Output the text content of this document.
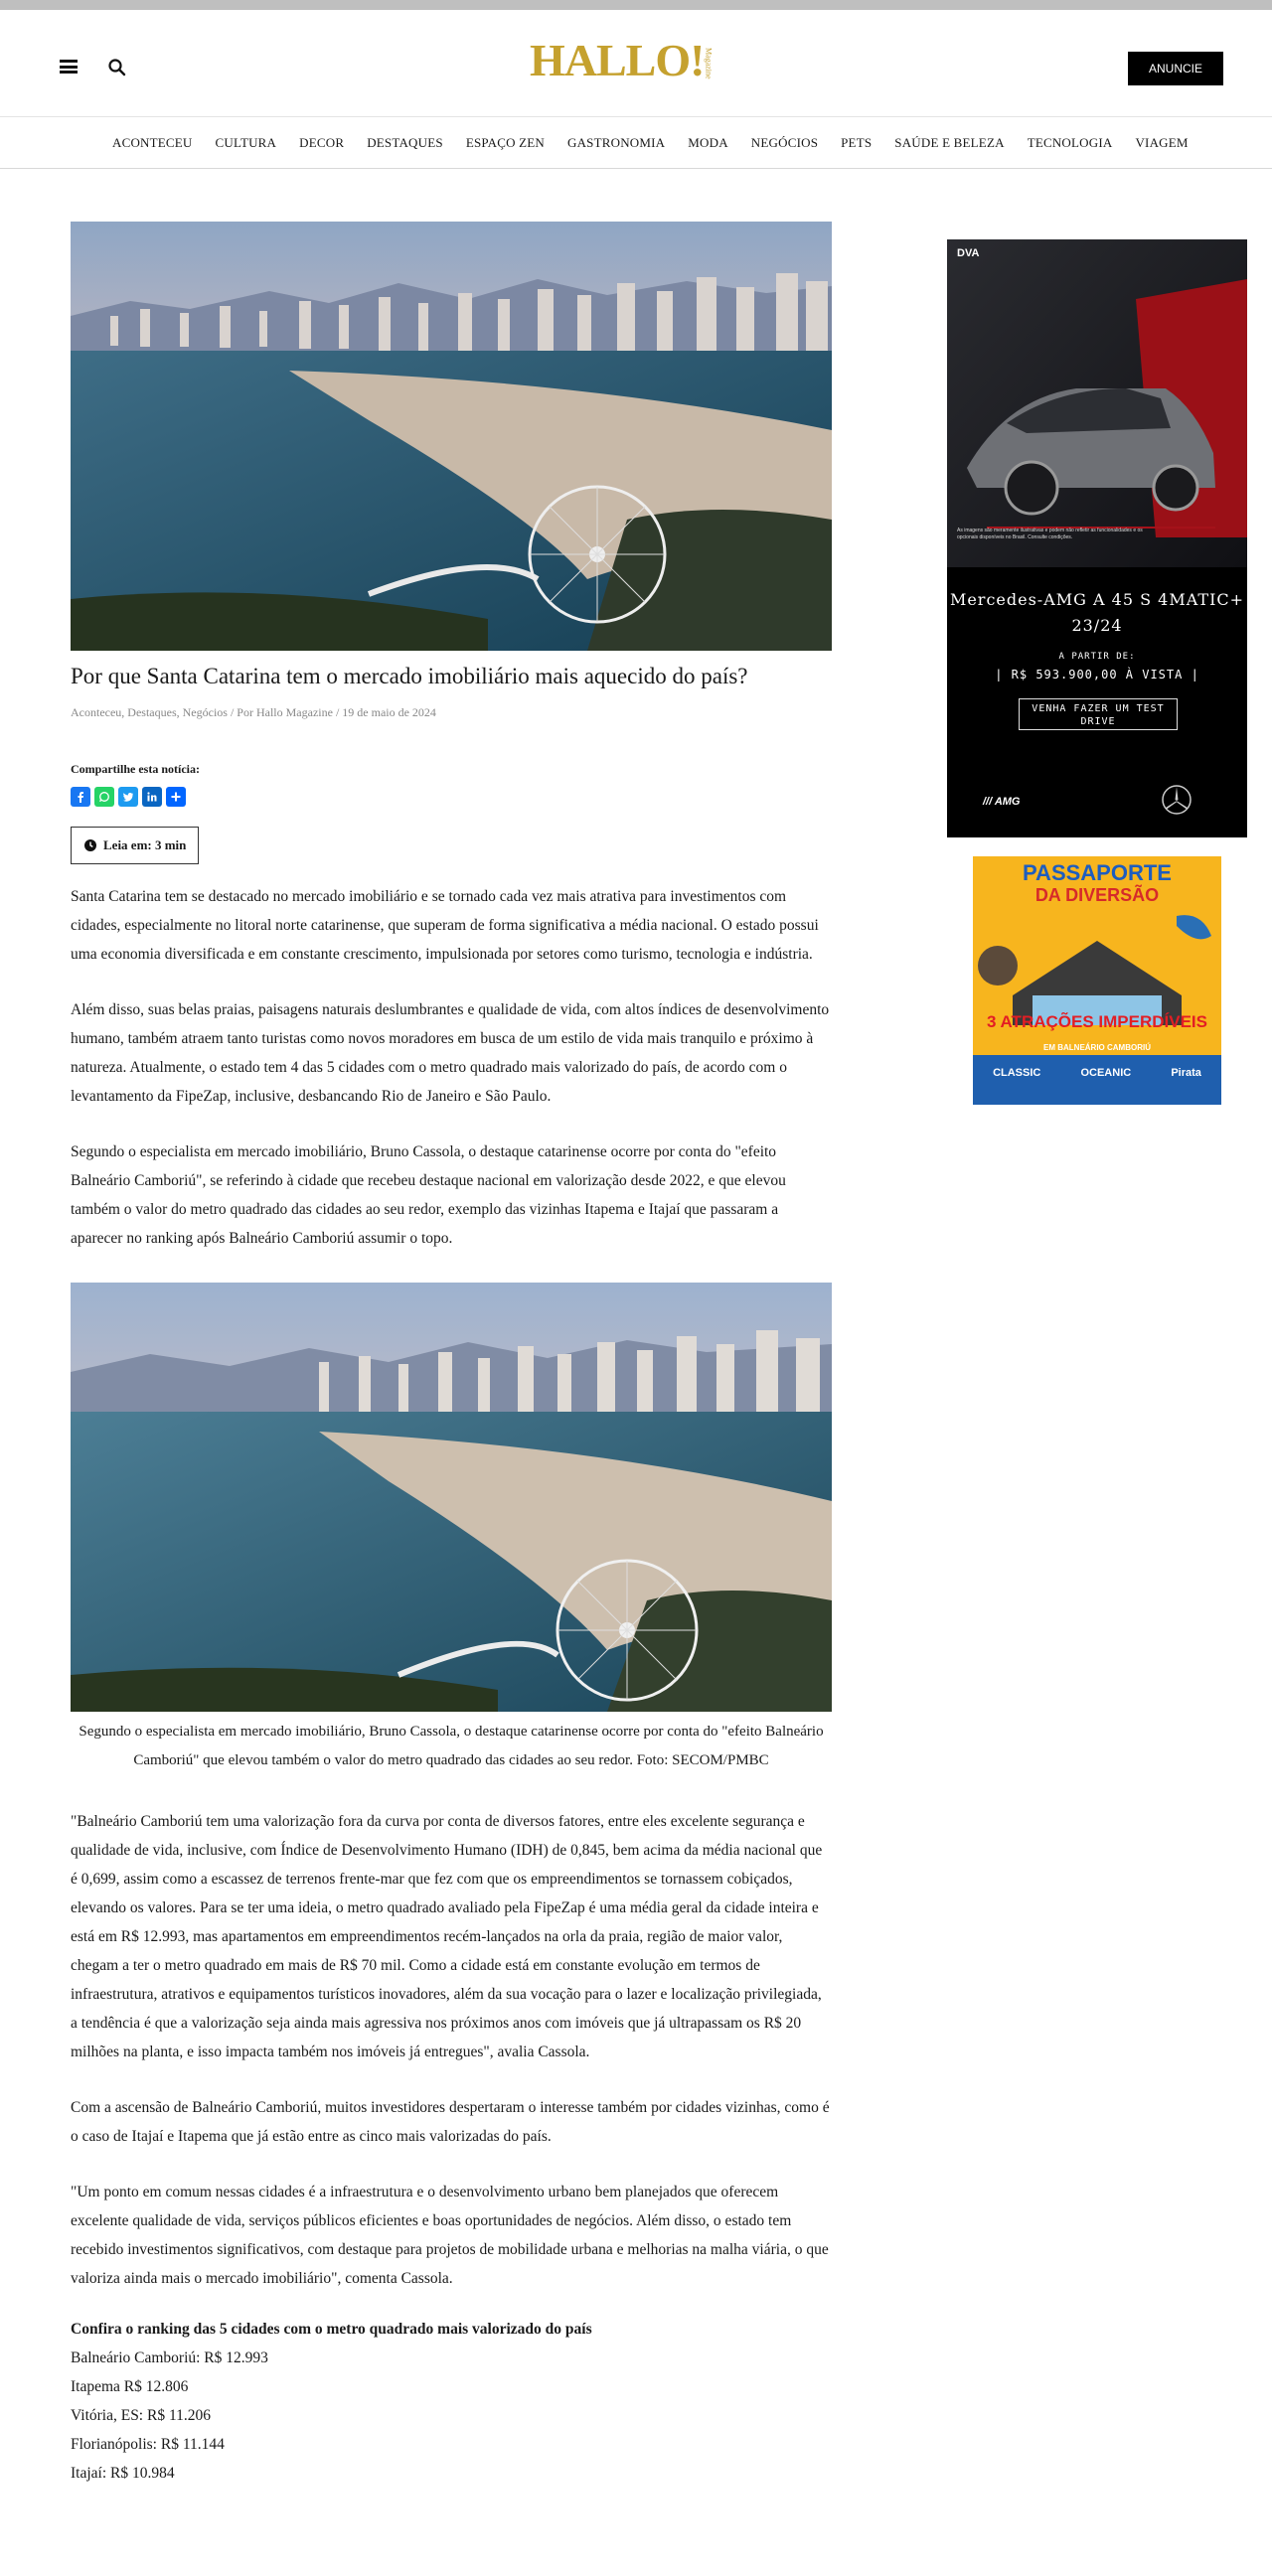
HALLO!Magazine	ANUNCIE
ACONTECEU CULTURA DECOR DESTAQUES ESPAÇO ZEN GASTRONOMIA MODA NEGÓCIOS PETS SAÚDE E BELEZA TECNOLOGIA VIAGEM
Por que Santa Catarina tem o mercado imobiliário mais aquecido do país?
Aconteceu, Destaques, Negócios / Por Hallo Magazine / 19 de maio de 2024
Compartilhe esta notícia:
Leia em: 3 min

Santa Catarina tem se destacado no mercado imobiliário e se tornado cada vez mais atrativa para investimentos com cidades, especialmente no litoral norte catarinense, que superam de forma significativa a média nacional. O estado possui uma economia diversificada e em constante crescimento, impulsionada por setores como turismo, tecnologia e indústria.

Além disso, suas belas praias, paisagens naturais deslumbrantes e qualidade de vida, com altos índices de desenvolvimento humano, também atraem tanto turistas como novos moradores em busca de um estilo de vida mais tranquilo e próximo à natureza. Atualmente, o estado tem 4 das 5 cidades com o metro quadrado mais valorizado do país, de acordo com o levantamento da FipeZap, inclusive, desbancando Rio de Janeiro e São Paulo.

Segundo o especialista em mercado imobiliário, Bruno Cassola, o destaque catarinense ocorre por conta do "efeito Balneário Camboriú", se referindo à cidade que recebeu destaque nacional em valorização desde 2022, e que elevou também o valor do metro quadrado das cidades ao seu redor, exemplo das vizinhas Itapema e Itajaí que passaram a aparecer no ranking após Balneário Camboriú assumir o topo.

Segundo o especialista em mercado imobiliário, Bruno Cassola, o destaque catarinense ocorre por conta do "efeito Balneário Camboriú" que elevou também o valor do metro quadrado das cidades ao seu redor. Foto: SECOM/PMBC

"Balneário Camboriú tem uma valorização fora da curva por conta de diversos fatores, entre eles excelente segurança e qualidade de vida, inclusive, com Índice de Desenvolvimento Humano (IDH) de 0,845, bem acima da média nacional que é 0,699, assim como a escassez de terrenos frente-mar que fez com que os empreendimentos se tornassem cobiçados, elevando os valores. Para se ter uma ideia, o metro quadrado avaliado pela FipeZap é uma média geral da cidade inteira e está em R$ 12.993, mas apartamentos em empreendimentos recém-lançados na orla da praia, região de maior valor, chegam a ter o metro quadrado em mais de R$ 70 mil. Como a cidade está em constante evolução em termos de infraestrutura, atrativos e equipamentos turísticos inovadores, além da sua vocação para o lazer e localização privilegiada, a tendência é que a valorização seja ainda mais agressiva nos próximos anos com imóveis que já ultrapassam os R$ 20 milhões na planta, e isso impacta também nos imóveis já entregues", avalia Cassola.

Com a ascensão de Balneário Camboriú, muitos investidores despertaram o interesse também por cidades vizinhas, como é o caso de Itajaí e Itapema que já estão entre as cinco mais valorizadas do país.

"Um ponto em comum nessas cidades é a infraestrutura e o desenvolvimento urbano bem planejados que oferecem excelente qualidade de vida, serviços públicos eficientes e boas oportunidades de negócios. Além disso, o estado tem recebido investimentos significativos, com destaque para projetos de mobilidade urbana e melhorias na malha viária, o que valoriza ainda mais o mercado imobiliário", comenta Cassola.

Confira o ranking das 5 cidades com o metro quadrado mais valorizado do país
Balneário Camboriú: R$ 12.993
Itapema R$ 12.806
Vitória, ES: R$ 11.206
Florianópolis: R$ 11.144
Itajaí: R$ 10.984
DVA
As imagens são meramente ilustrativas e podem não refletir as funcionalidades e os opcionais disponíveis no Brasil. Consulte condições.
Mercedes-AMG A 45 S 4MATIC+
23/24
A PARTIR DE:
| R$ 593.900,00 À VISTA |
VENHA FAZER UM TEST DRIVE
/// AMG
PASSAPORTE
DA DIVERSÃO
3 ATRAÇÕES IMPERDÍVEIS
EM BALNEÁRIO CAMBORIÚ
CLASSIC	OCEANIC	Pirata
